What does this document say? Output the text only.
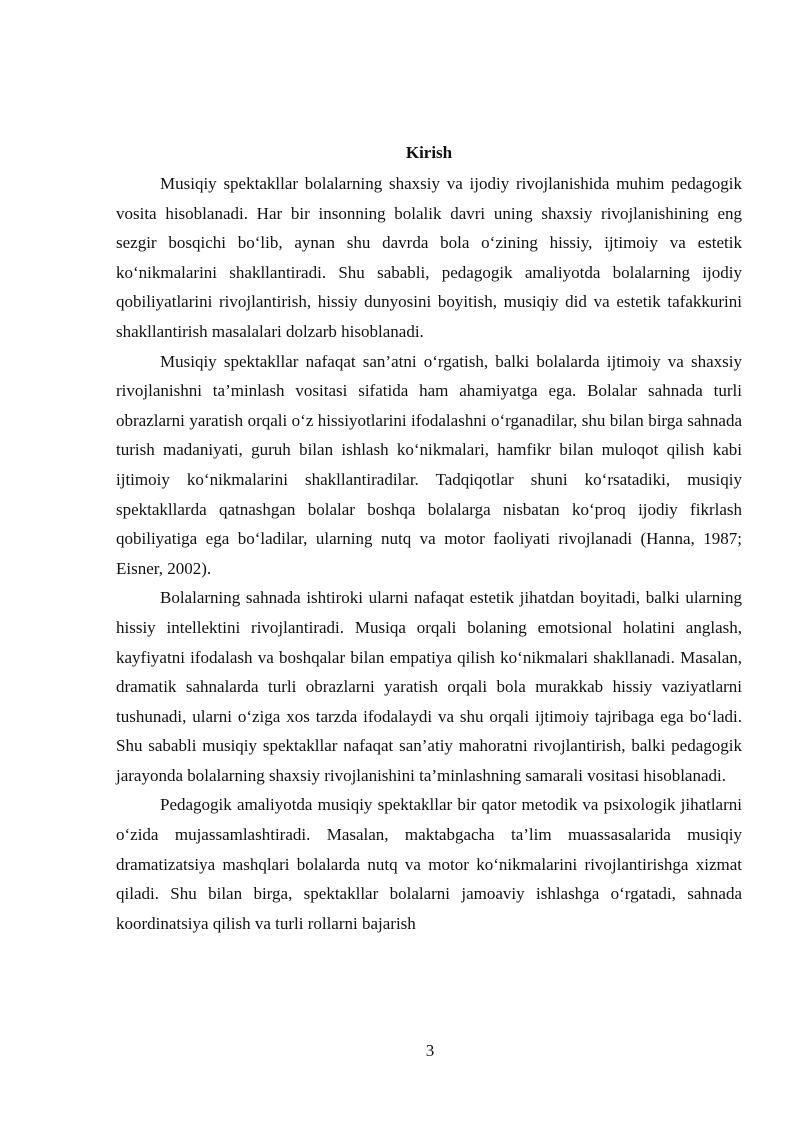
Kirish

Musiqiy spektakllar bolalarning shaxsiy va ijodiy rivojlanishida muhim pedagogik vosita hisoblanadi. Har bir insonning bolalik davri uning shaxsiy rivojlanishining eng sezgir bosqichi bo‘lib, aynan shu davrda bola o‘zining hissiy, ijtimoiy va estetik ko‘nikmalarini shakllantiradi. Shu sababli, pedagogik amaliyotda bolalarning ijodiy qobiliyatlarini rivojlantirish, hissiy dunyosini boyitish, musiqiy did va estetik tafakkurini shakllantirish masalalari dolzarb hisoblanadi.

Musiqiy spektakllar nafaqat san’atni o‘rgatish, balki bolalarda ijtimoiy va shaxsiy rivojlanishni ta’minlash vositasi sifatida ham ahamiyatga ega. Bolalar sahnada turli obrazlarni yaratish orqali o‘z hissiyotlarini ifodalashni o‘rganadilar, shu bilan birga sahnada turish madaniyati, guruh bilan ishlash ko‘nikmalari, hamfikr bilan muloqot qilish kabi ijtimoiy ko‘nikmalarini shakllantiradilar. Tadqiqotlar shuni ko‘rsatadiki, musiqiy spektakllarda qatnashgan bolalar boshqa bolalarga nisbatan ko‘proq ijodiy fikrlash qobiliyatiga ega bo‘ladilar, ularning nutq va motor faoliyati rivojlanadi (Hanna, 1987; Eisner, 2002).

Bolalarning sahnada ishtiroki ularni nafaqat estetik jihatdan boyitadi, balki ularning hissiy intellektini rivojlantiradi. Musiqa orqali bolaning emotsional holatini anglash, kayfiyatni ifodalash va boshqalar bilan empatiya qilish ko‘nikmalari shakllanadi. Masalan, dramatik sahnalarda turli obrazlarni yaratish orqali bola murakkab hissiy vaziyatlarni tushunadi, ularni o‘ziga xos tarzda ifodalaydi va shu orqali ijtimoiy tajribaga ega bo‘ladi. Shu sababli musiqiy spektakllar nafaqat san’atiy mahoratni rivojlantirish, balki pedagogik jarayonda bolalarning shaxsiy rivojlanishini ta’minlashning samarali vositasi hisoblanadi.

Pedagogik amaliyotda musiqiy spektakllar bir qator metodik va psixologik jihatlarni o‘zida mujassamlashtiradi. Masalan, maktabgacha ta’lim muassasalarida musiqiy dramatizatsiya mashqlari bolalarda nutq va motor ko‘nikmalarini rivojlantirishga xizmat qiladi. Shu bilan birga, spektakllar bolalarni jamoaviy ishlashga o‘rgatadi, sahnada koordinatsiya qilish va turli rollarni bajarish

3
